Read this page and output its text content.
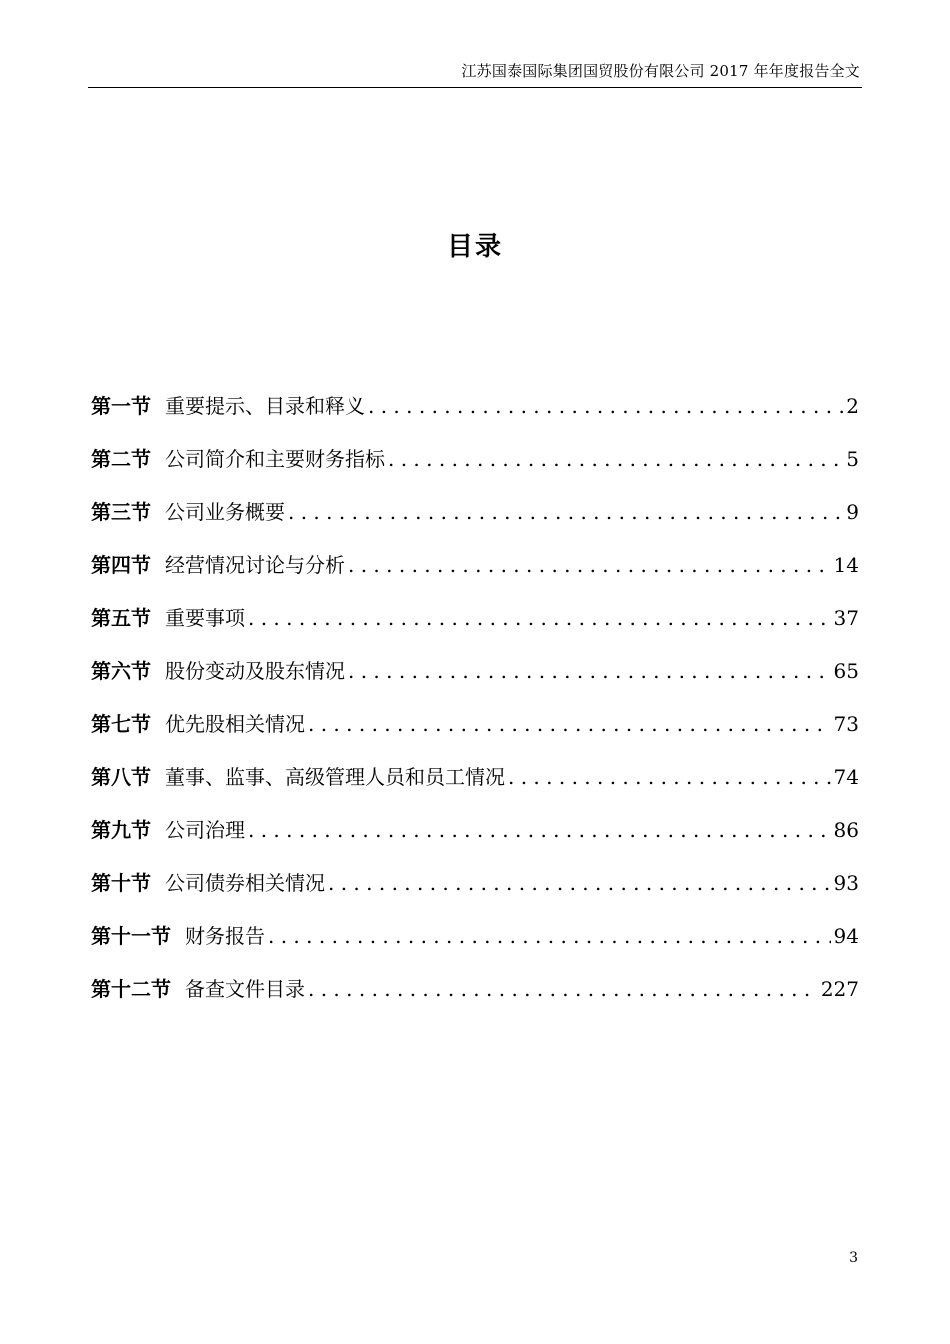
江苏国泰国际集团国贸股份有限公司 2017 年年度报告全文
目录
第一节 重要提示、目录和释义 . . .	2
第二节 公司简介和主要财务指标 . . .	5
第三节 公司业务概要 . . .	9
第四节 经营情况讨论与分析 . . .	14
第五节 重要事项 . . .	37
第六节 股份变动及股东情况 . . .	65
第七节 优先股相关情况 . . .	73
第八节 董事、监事、高级管理人员和员工情况 . . .	74
第九节 公司治理 . . .	86
第十节 公司债券相关情况 . . .	93
第十一节 财务报告 . . .	94
第十二节 备查文件目录 . . .	227
3
